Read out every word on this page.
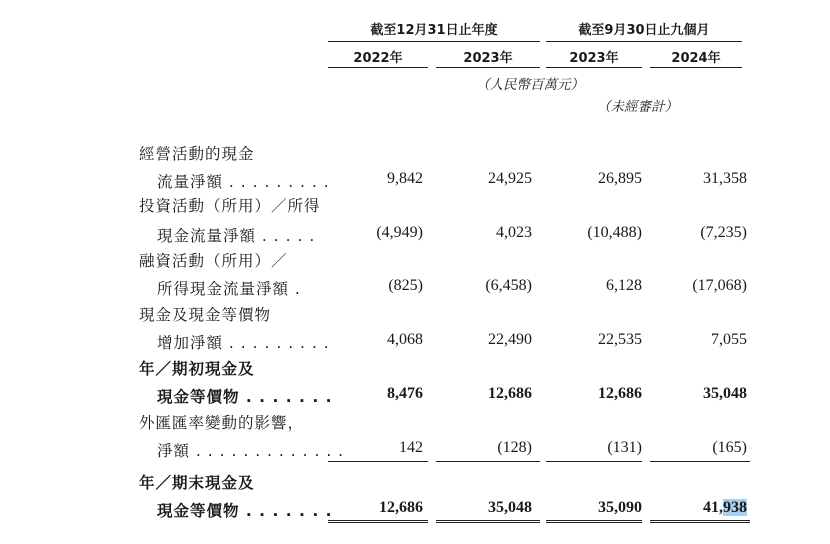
截至12月31日止年度	截至9月30日止九個月
2022年	2023年	2023年	2024年
（人民幣百萬元）
（未經審計）
經營活動的現金
流量淨額 . . . . . . . . .	9,842	24,925	26,895	31,358
投資活動（所用）／所得
現金流量淨額 . . . . .	(4,949)	4,023	(10,488)	(7,235)
融資活動（所用）／
所得現金流量淨額 .	(825)	(6,458)	6,128	(17,068)
現金及現金等價物
增加淨額 . . . . . . . . .	4,068	22,490	22,535	7,055
年／期初現金及
現金等價物 . . . . . . .	8,476	12,686	12,686	35,048
外匯匯率變動的影響，
淨額 . . . . . . . . . . . . .	142	(128)	(131)	(165)
年／期末現金及
現金等價物 . . . . . . .	12,686	35,048	35,090	41,938
